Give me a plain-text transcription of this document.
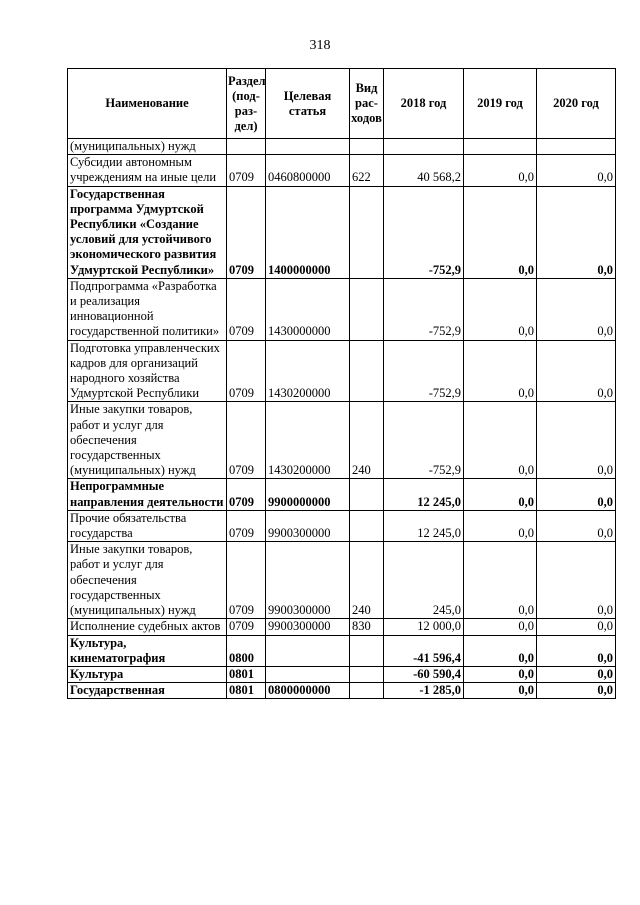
318
Наименование	Раздел (под-раз-дел)	Целевая статья	Вид рас-ходов	2018 год	2019 год	2020 год
(муниципальных) нужд						
Субсидии автономным учреждениям на иные цели	0709	0460800000	622	40 568,2	0,0	0,0
Государственная программа Удмуртской Республики «Создание условий для устойчивого экономического развития Удмуртской Республики»	0709	1400000000		-752,9	0,0	0,0
Подпрограмма «Разработка и реализация инновационной государственной политики»	0709	1430000000		-752,9	0,0	0,0
Подготовка управленческих кадров для организаций народного хозяйства Удмуртской Республики	0709	1430200000		-752,9	0,0	0,0
Иные закупки товаров, работ и услуг для обеспечения государственных (муниципальных) нужд	0709	1430200000	240	-752,9	0,0	0,0
Непрограммные направления деятельности	0709	9900000000		12 245,0	0,0	0,0
Прочие обязательства государства	0709	9900300000		12 245,0	0,0	0,0
Иные закупки товаров, работ и услуг для обеспечения государственных (муниципальных) нужд	0709	9900300000	240	245,0	0,0	0,0
Исполнение судебных актов	0709	9900300000	830	12 000,0	0,0	0,0
Культура, кинематография	0800			-41 596,4	0,0	0,0
Культура	0801			-60 590,4	0,0	0,0
Государственная	0801	0800000000		-1 285,0	0,0	0,0
